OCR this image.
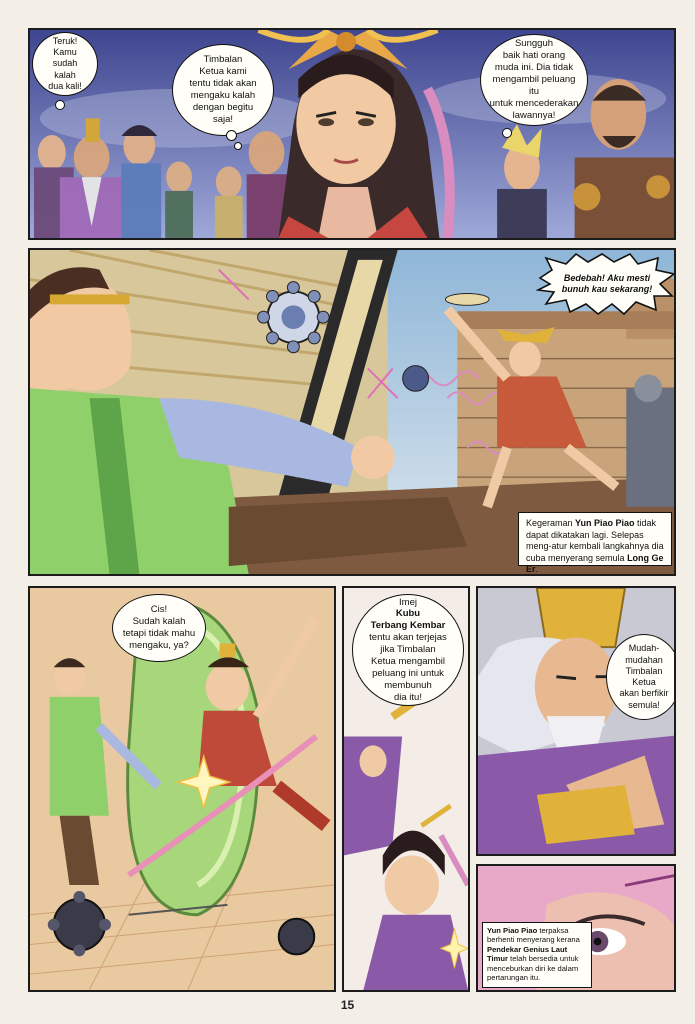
Teruk!
Kamu
sudah kalah
dua kali!
Timbalan
Ketua kami
tentu tidak akan
mengaku kalah
dengan begitu
saja!
Sungguh
baik hati orang
muda ini. Dia tidak
mengambil peluang itu
untuk mencederakan
lawannya!
Bedebah! Aku mesti
bunuh kau sekarang!
Kegeraman Yun Piao Piao tidak dapat dikatakan lagi. Selepas meng-atur kembali langkahnya dia cuba menyerang semula Long Ge Er.
Cis!
Sudah kalah
tetapi tidak mahu
mengaku, ya?
Imej
Kubu
Terbang Kembar
tentu akan terjejas
jika Timbalan
Ketua mengambil
peluang ini untuk
membunuh
dia itu!
Mudah-
mudahan
Timbalan Ketua
akan berfikir
semula!
Yun Piao Piao terpaksa berhenti menyerang kerana Pendekar Genius Laut Timur telah bersedia untuk menceburkan diri ke dalam pertarungan itu.
15
